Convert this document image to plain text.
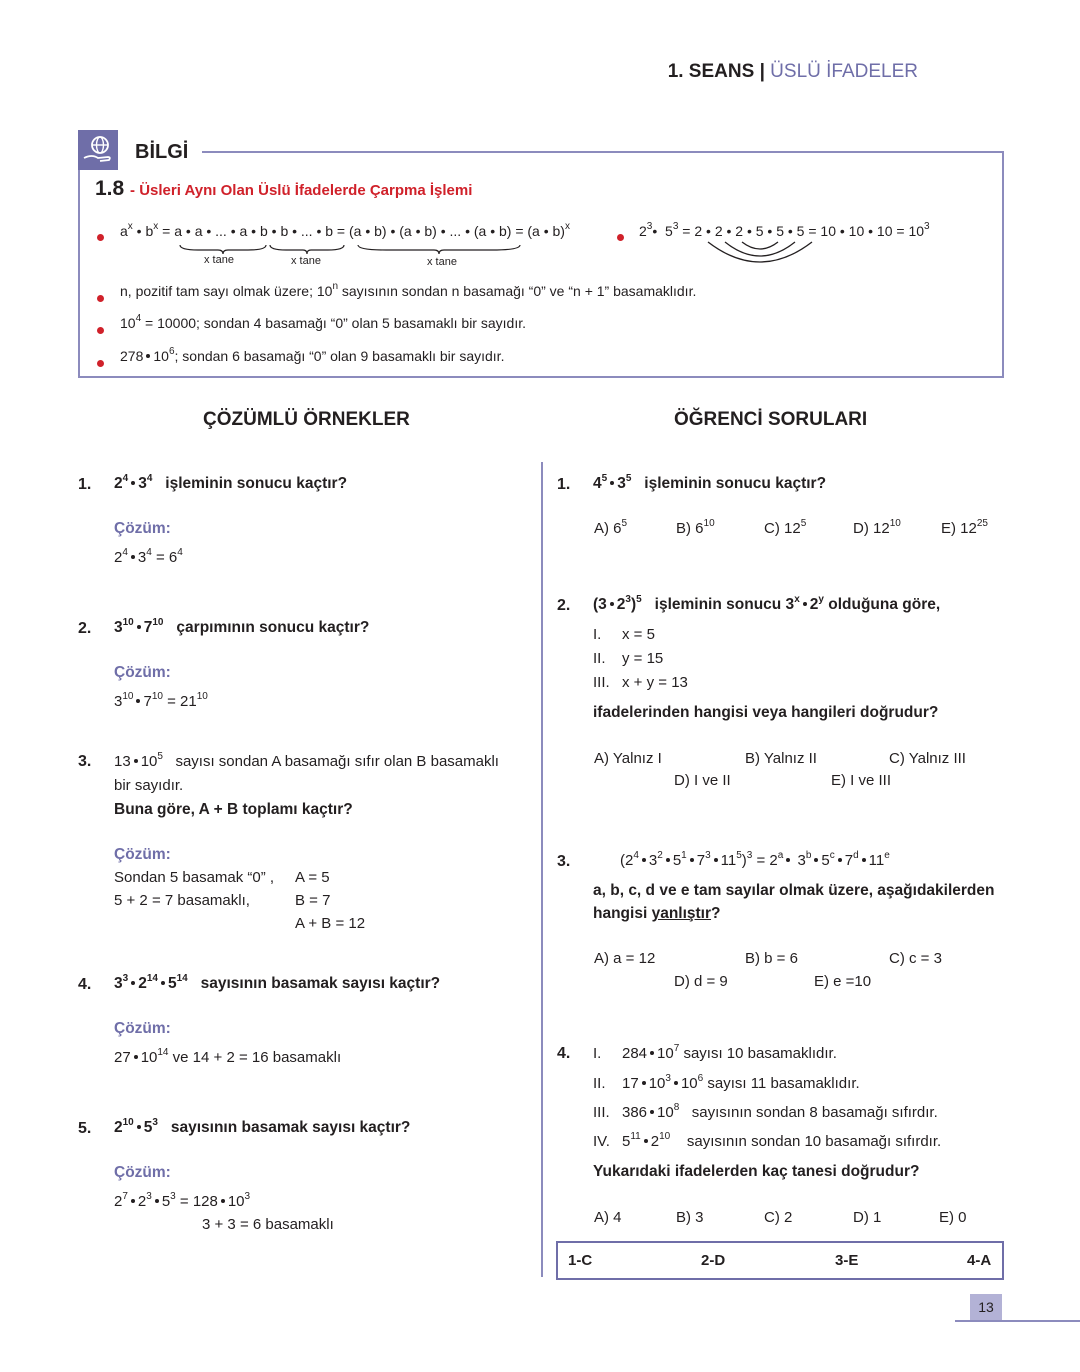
1. SEANS | ÜSLÜ İFADELER
BİLGİ
1.8 - Üsleri Aynı Olan Üslü İfadelerde Çarpma İşlemi
$a^x$ • $b^x = a$ • a • ... • a • b • b • ... • b = (a • b) • (a • b) • ... • (a • b) = (a • b)$^x$
x tane	x tane	x tane
$2^3•$  $5^3 = 2$ • 2 • 2 • 5 • 5 • 5 = 10 • 10 • $10 = 10^3$
n, pozitif tam sayı olmak üzere; 10$^n$ sayısının sondan n basamağı “0” ve “n + 1” basamaklıdır.
$10^4 = 10000$; sondan 4 basamağı “0” olan 5 basamaklı bir sayıdır.
278 $10^6$; sondan 6 basamağı “0” olan 9 basamaklı bir sayıdır.
ÇÖZÜMLÜ ÖRNEKLER	ÖĞRENCİ SORULARI
1. $2^4$ $3^4$ işleminin sonucu kaçtır?
Çözüm:
$2^4$ $3^4 = 6^4$
2. $3^{10}$ $7^{10}$ çarpımının sonucu kaçtır?
Çözüm:
$3^{10}$ $7^{10} = 21^{10}$
3. 13 $10^5$ sayısı sondan A basamağı sıfır olan B basamaklı
bir sayıdır.
Buna göre, A + B toplamı kaçtır?
Çözüm:
Sondan 5 basamak “0” , A = 5
5 + 2 = 7 basamaklı,	B = 7
A + B = 12
4. $3^3$ $2^{14}$ $5^{14}$ sayısının basamak sayısı kaçtır?
Çözüm:
27 $10^{14}$ ve 14 + 2 = 16 basamaklı
5. $2^{10}$ $5^3$ sayısının basamak sayısı kaçtır?
Çözüm:
$2^7$ $2^3$ $5^3 = 128$ $10^3$
3 + 3 = 6 basamaklı
1. $4^5$ $3^5$ işleminin sonucu kaçtır?
A) $6^5$	B) $6^{10}$	C) $12^5$	D) $12^{10}$	E) $12^{25}$
2. (3 $2^3)^5$ işleminin sonucu 3$^x$ 2$^y$ olduğuna göre,
I. x = 5
II. y = 15
III. x + y = 13
ifadelerinden hangisi veya hangileri doğrudur?
A) Yalnız I	B) Yalnız II	C) Yalnız III
D) I ve II	E) I ve III
3.	($2^4$ $3^2$ $5^1$ $7^3$ $11^5)^3 = 2^a$ 3$^b$ 5$^c$ 7$^d$ 11e
a, b, c, d ve e tam sayılar olmak üzere, aşağıdakilerden
hangisi yanlıştır?
A) a = 12	B) b = 6	C) c = 3
D) d = 9	E) e =10
4. I. 284 $10^7$ sayısı 10 basamaklıdır.
II. 17 $10^3$ $10^6$ sayısı 11 basamaklıdır.
III. 386 $10^8$ sayısının sondan 8 basamağı sıfırdır.
IV. $5^{11}$ $2^{10}$ sayısının sondan 10 basamağı sıfırdır.
Yukarıdaki ifadelerden kaç tanesi doğrudur?
A) 4	B) 3	C) 2	D) 1	E) 0
1-C	2-D	3-E	4-A
13
